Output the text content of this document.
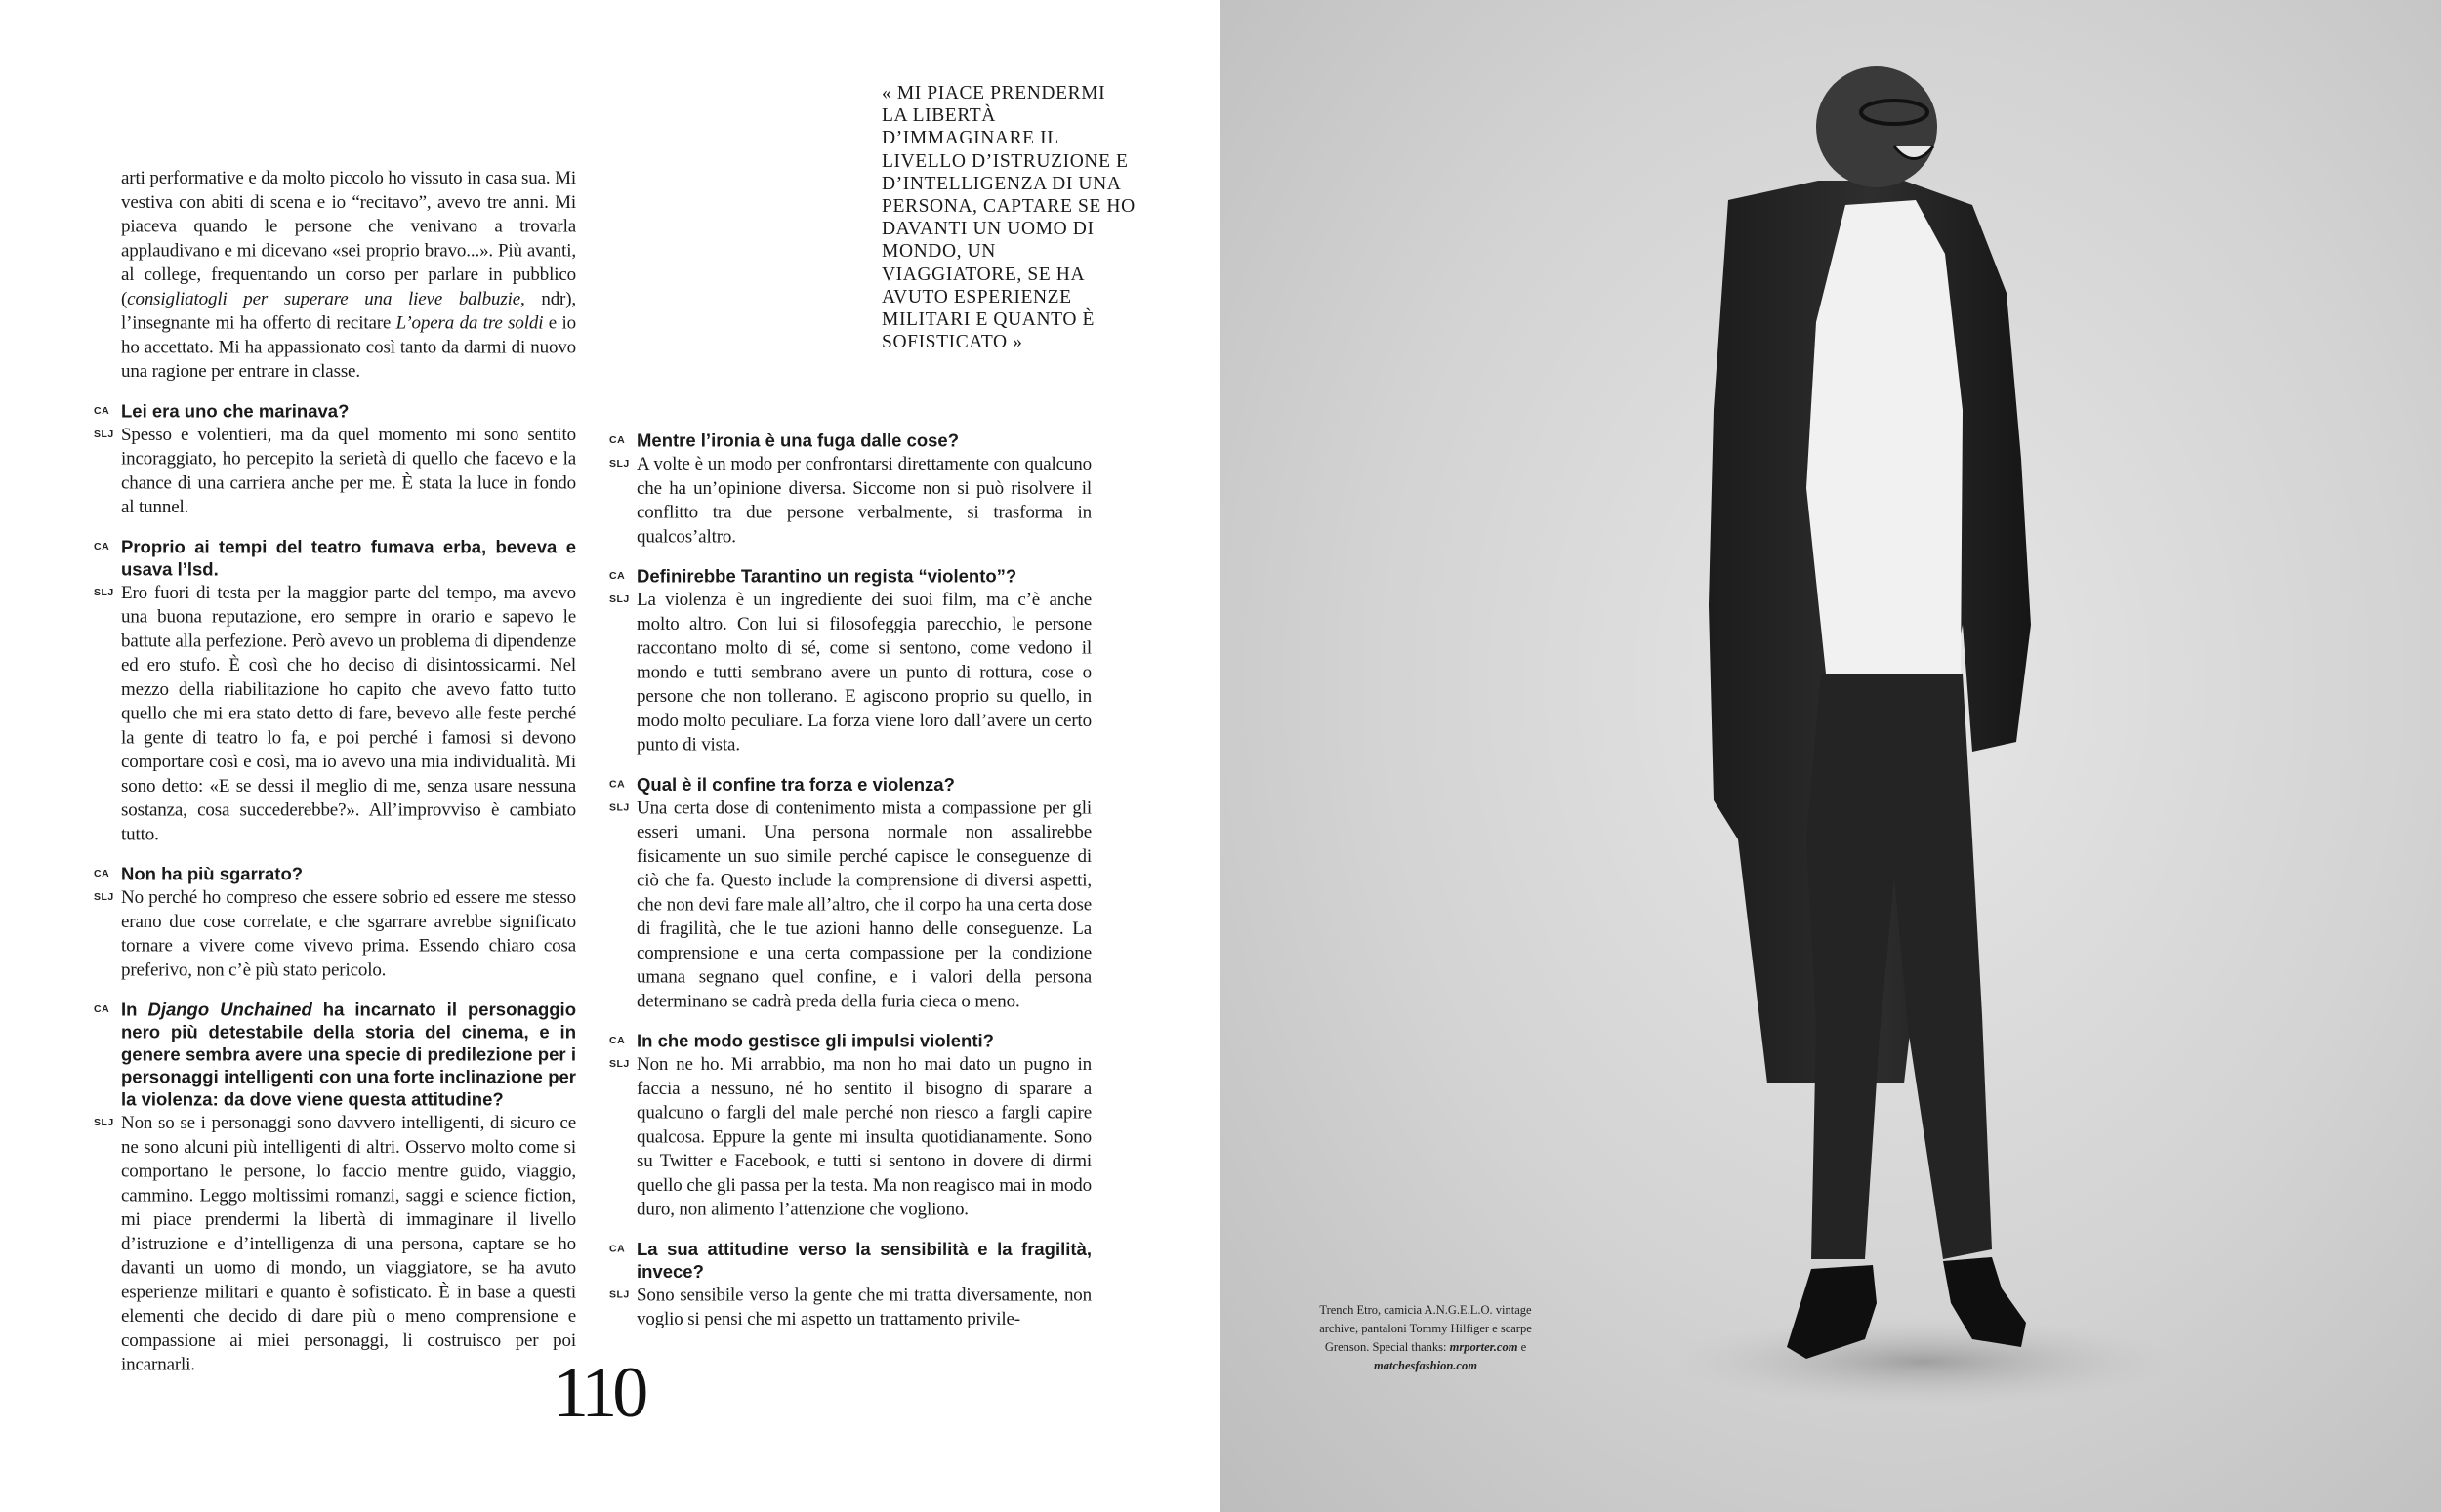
arti performative e da molto piccolo ho vissuto in casa sua. Mi vestiva con abiti di scena e io “recitavo”, avevo tre anni. Mi piaceva quando le persone che venivano a trovarla applaudivano e mi dicevano «sei proprio bravo...». Più avanti, al college, frequentando un corso per parlare in pubblico (consigliatogli per superare una lieve balbuzie, ndr), l’insegnante mi ha offerto di recitare L’opera da tre soldi e io ho accettato. Mi ha appassionato così tanto da darmi di nuovo una ragione per entrare in classe.

CA Lei era uno che marinava?

SLJ Spesso e volentieri, ma da quel momento mi sono sentito incoraggiato, ho percepito la serietà di quello che facevo e la chance di una carriera anche per me. È stata la luce in fondo al tunnel.

CA Proprio ai tempi del teatro fumava erba, beveva e usava l’lsd.

SLJ Ero fuori di testa per la maggior parte del tempo, ma avevo una buona reputazione, ero sempre in orario e sapevo le battute alla perfezione. Però avevo un problema di dipendenze ed ero stufo. È così che ho deciso di disintossicarmi. Nel mezzo della riabilitazione ho capito che avevo fatto tutto quello che mi era stato detto di fare, bevevo alle feste perché la gente di teatro lo fa, e poi perché i famosi si devono comportare così e così, ma io avevo una mia individualità. Mi sono detto: «E se dessi il meglio di me, senza usare nessuna sostanza, cosa succederebbe?». All’improvviso è cambiato tutto.

CA Non ha più sgarrato?

SLJ No perché ho compreso che essere sobrio ed essere me stesso erano due cose correlate, e che sgarrare avrebbe significato tornare a vivere come vivevo prima. Essendo chiaro cosa preferivo, non c’è più stato pericolo.

CA In Django Unchained ha incarnato il personaggio nero più detestabile della storia del cinema, e in genere sembra avere una specie di predilezione per i personaggi intelligenti con una forte inclinazione per la violenza: da dove viene questa attitudine?

SLJ Non so se i personaggi sono davvero intelligenti, di sicuro ce ne sono alcuni più intelligenti di altri. Osservo molto come si comportano le persone, lo faccio mentre guido, viaggio, cammino. Leggo moltissimi romanzi, saggi e science fiction, mi piace prendermi la libertà di immaginare il livello d’istruzione e d’intelligenza di una persona, captare se ho davanti un uomo di mondo, un viaggiatore, se ha avuto esperienze militari e quanto è sofisticato. È in base a questi elementi che decido di dare più o meno comprensione e compassione ai miei personaggi, li costruisco per poi incarnarli.

« MI PIACE PRENDERMI LA LIBERTÀ D’IMMAGINARE IL LIVELLO D’ISTRUZIONE E D’INTELLIGENZA DI UNA PERSONA, CAPTARE SE HO DAVANTI UN UOMO DI MONDO, UN VIAGGIATORE, SE HA AVUTO ESPERIENZE MILITARI E QUANTO È SOFISTICATO »

CA Mentre l’ironia è una fuga dalle cose?

SLJ A volte è un modo per confrontarsi direttamente con qualcuno che ha un’opinione diversa. Siccome non si può risolvere il conflitto tra due persone verbalmente, si trasforma in qualcos’altro.

CA Definirebbe Tarantino un regista “violento”?

SLJ La violenza è un ingrediente dei suoi film, ma c’è anche molto altro. Con lui si filosofeggia parecchio, le persone raccontano molto di sé, come si sentono, come vedono il mondo e tutti sembrano avere un punto di rottura, cose o persone che non tollerano. E agiscono proprio su quello, in modo molto peculiare. La forza viene loro dall’avere un certo punto di vista.

CA Qual è il confine tra forza e violenza?

SLJ Una certa dose di contenimento mista a compassione per gli esseri umani. Una persona normale non assalirebbe fisicamente un suo simile perché capisce le conseguenze di ciò che fa. Questo include la comprensione di diversi aspetti, che non devi fare male all’altro, che il corpo ha una certa dose di fragilità, che le tue azioni hanno delle conseguenze. La comprensione e una certa compassione per la condizione umana segnano quel confine, e i valori della persona determinano se cadrà preda della furia cieca o meno.

CA In che modo gestisce gli impulsi violenti?

SLJ Non ne ho. Mi arrabbio, ma non ho mai dato un pugno in faccia a nessuno, né ho sentito il bisogno di sparare a qualcuno o fargli del male perché non riesco a fargli capire qualcosa. Eppure la gente mi insulta quotidianamente. Sono su Twitter e Facebook, e tutti si sentono in dovere di dirmi quello che gli passa per la testa. Ma non reagisco mai in modo duro, non alimento l’attenzione che vogliono.

CA La sua attitudine verso la sensibilità e la fragilità, invece?

SLJ Sono sensibile verso la gente che mi tratta diversamente, non voglio si pensi che mi aspetto un trattamento privile-

110
Trench Etro, camicia A.N.G.E.L.O. vintage archive, pantaloni Tommy Hilfiger e scarpe Grenson. Special thanks: mrporter.com e matchesfashion.com
